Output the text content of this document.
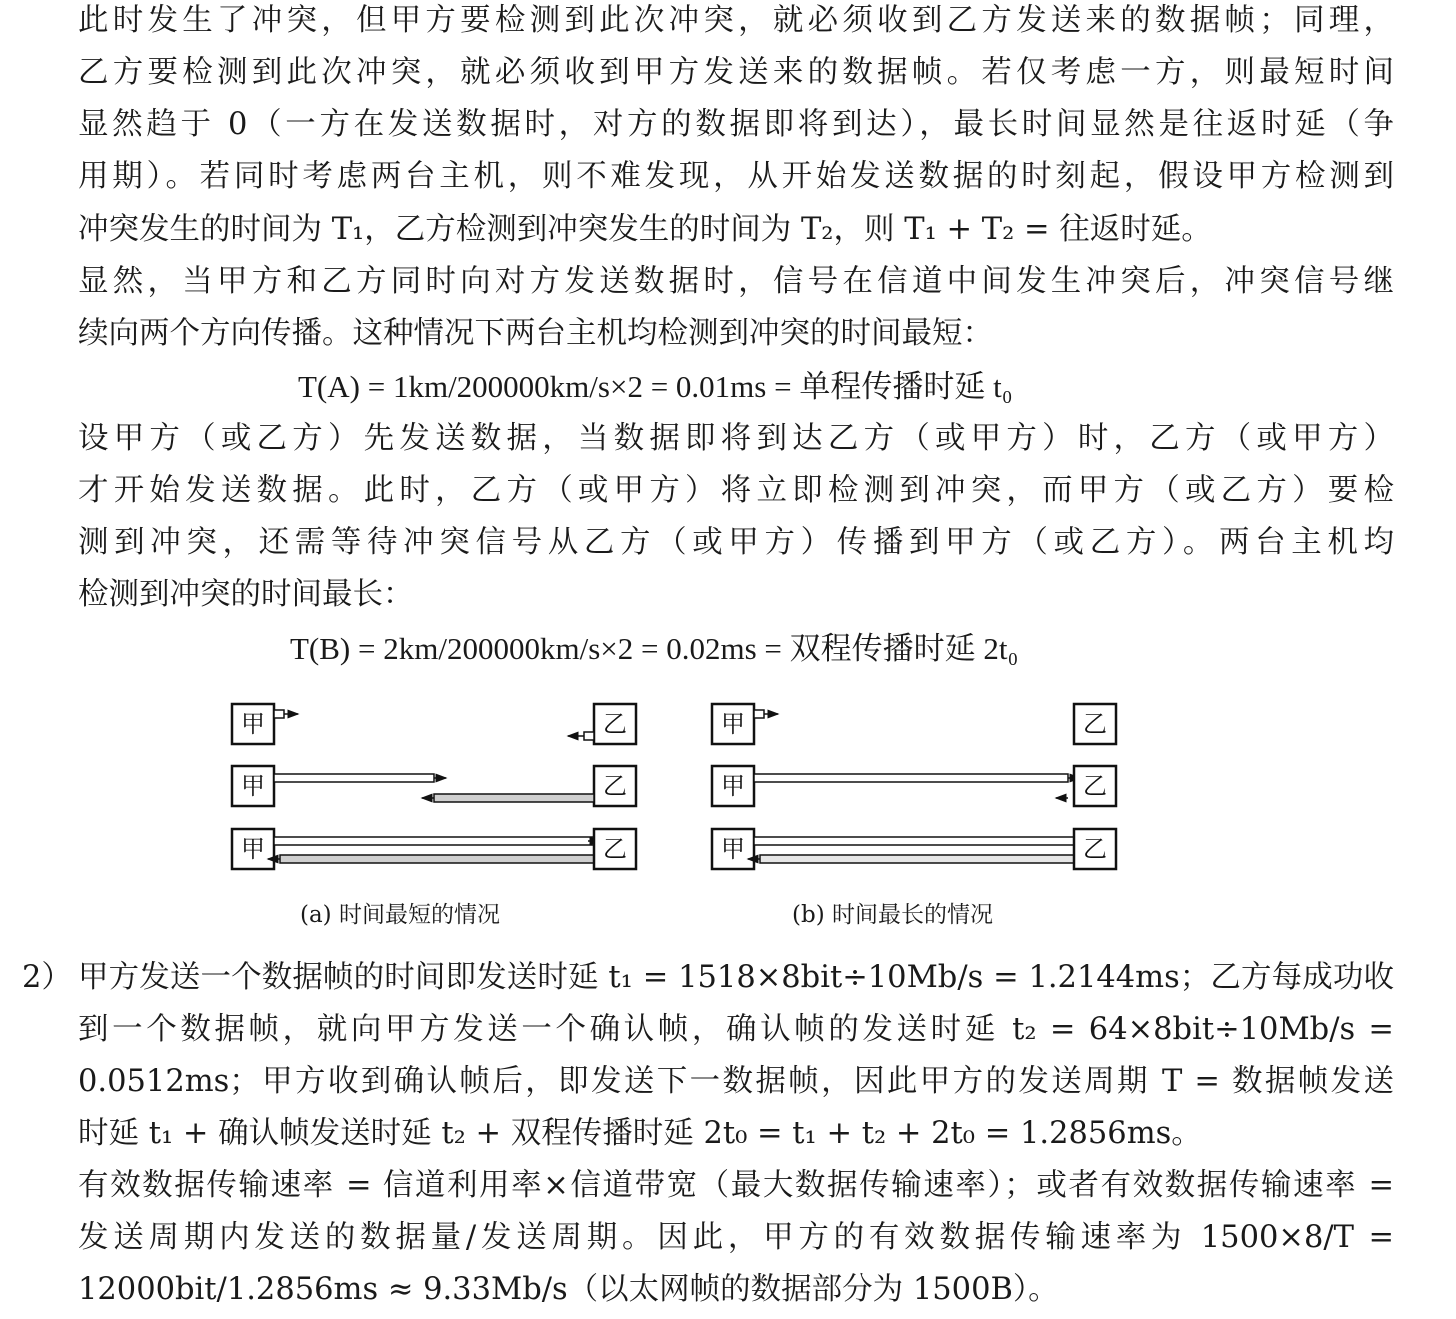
此时发生了冲突，但甲方要检测到此次冲突，就必须收到乙方发送来的数据帧；同理，
乙方要检测到此次冲突，就必须收到甲方发送来的数据帧。若仅考虑一方，则最短时间
显然趋于 0（一方在发送数据时，对方的数据即将到达），最长时间显然是往返时延（争
用期）。若同时考虑两台主机，则不难发现，从开始发送数据的时刻起，假设甲方检测到
冲突发生的时间为 T₁，乙方检测到冲突发生的时间为 T₂，则 T₁ + T₂ = 往返时延。
显然，当甲方和乙方同时向对方发送数据时，信号在信道中间发生冲突后，冲突信号继
续向两个方向传播。这种情况下两台主机均检测到冲突的时间最短：
T(A) = 1km/200000km/s×2 = 0.01ms = 单程传播时延 t₀
设甲方（或乙方）先发送数据，当数据即将到达乙方（或甲方）时，乙方（或甲方）
才开始发送数据。此时，乙方（或甲方）将立即检测到冲突，而甲方（或乙方）要检
测到冲突，还需等待冲突信号从乙方（或甲方）传播到甲方（或乙方）。两台主机均
检测到冲突的时间最长：
T(B) = 2km/200000km/s×2 = 0.02ms = 双程传播时延 2t₀
甲	乙
甲	乙
甲	乙
甲	乙
甲	乙
甲	乙
(a) 时间最短的情况	(b) 时间最长的情况
2） 甲方发送一个数据帧的时间即发送时延 t₁ = 1518×8bit÷10Mb/s = 1.2144ms；乙方每成功收
到一个数据帧，就向甲方发送一个确认帧，确认帧的发送时延 t₂ = 64×8bit÷10Mb/s =
0.0512ms；甲方收到确认帧后，即发送下一数据帧，因此甲方的发送周期 T = 数据帧发送
时延 t₁ + 确认帧发送时延 t₂ + 双程传播时延 2t₀ = t₁ + t₂ + 2t₀ = 1.2856ms。
有效数据传输速率 = 信道利用率×信道带宽（最大数据传输速率）；或者有效数据传输速率 =
发送周期内发送的数据量/发送周期。因此，甲方的有效数据传输速率为 1500×8/T =
12000bit/1.2856ms ≈ 9.33Mb/s（以太网帧的数据部分为 1500B）。
